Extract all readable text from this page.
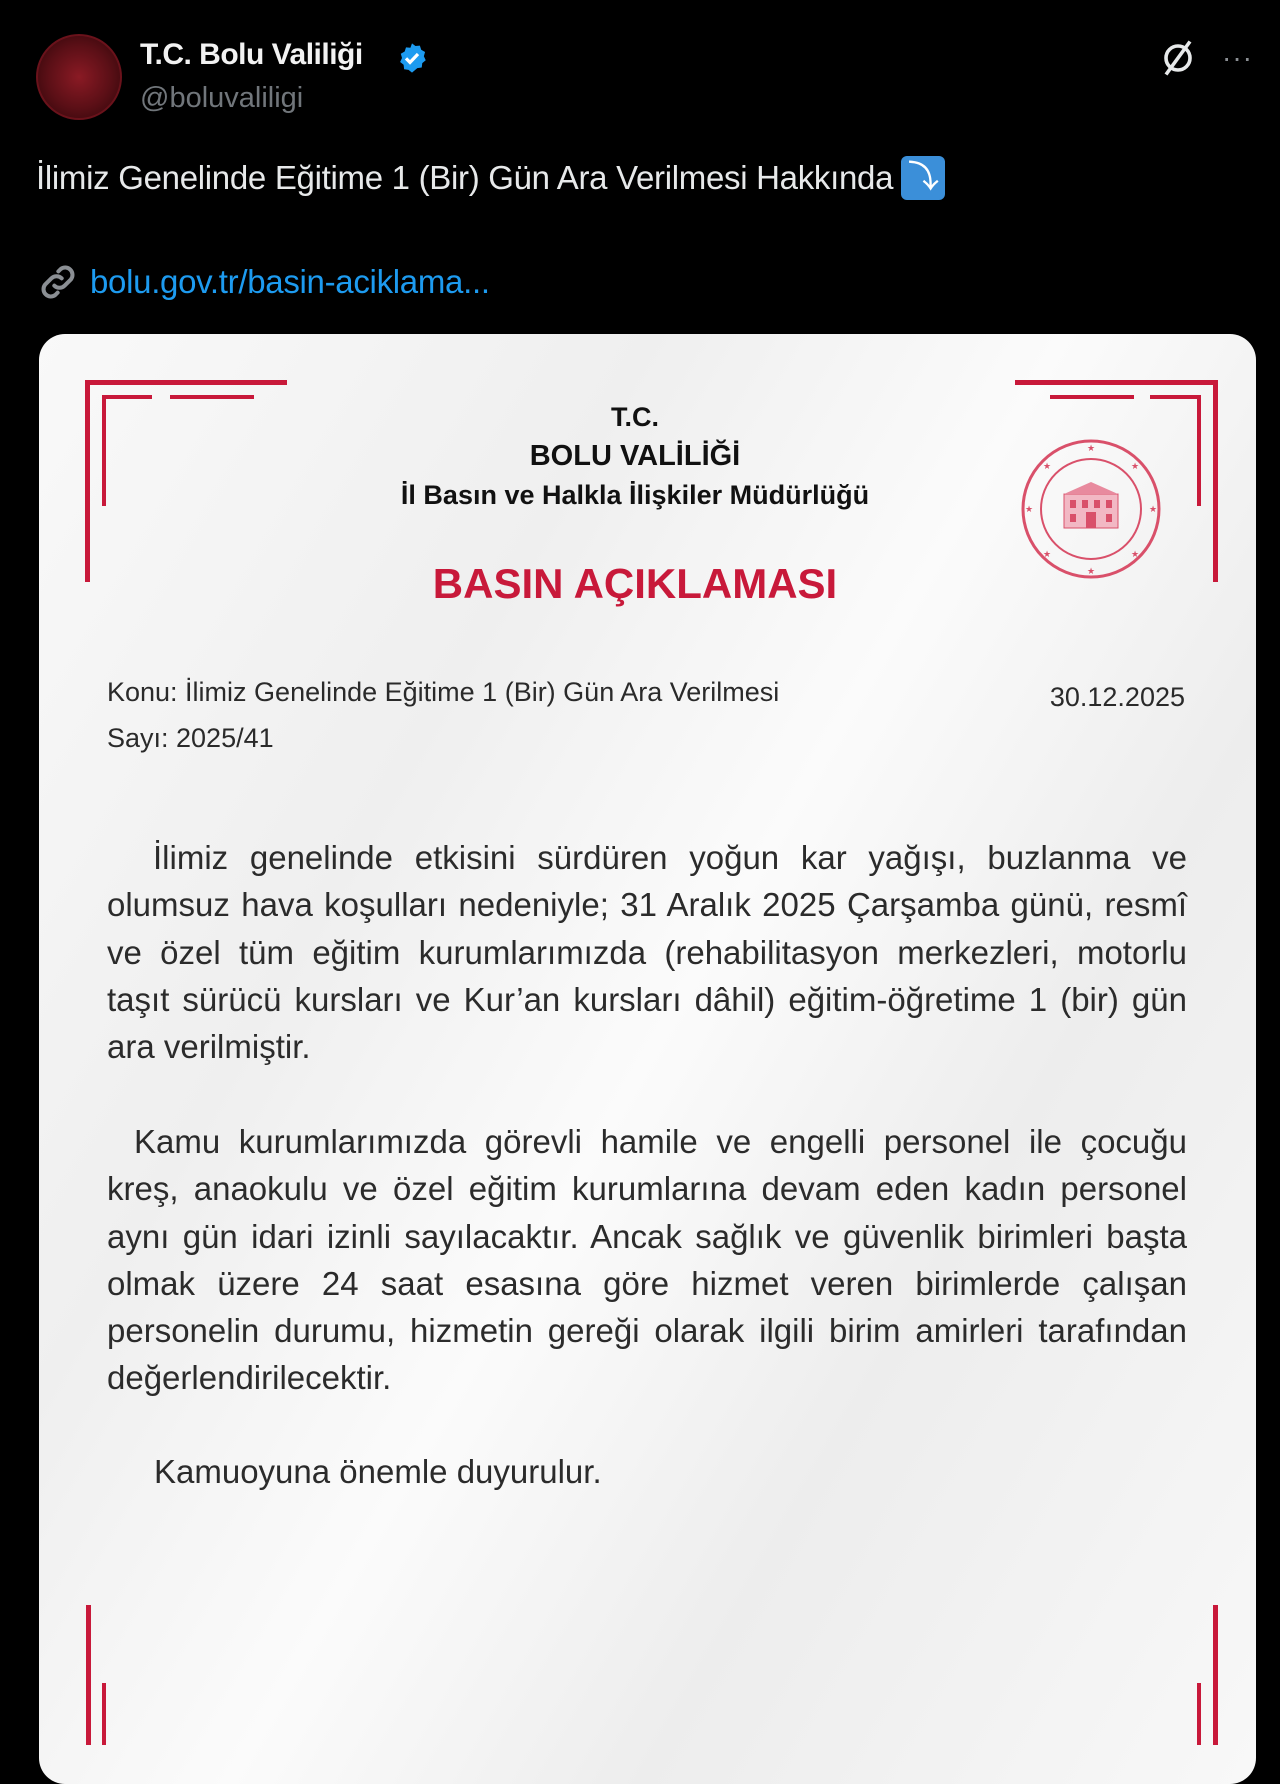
T.C. Bolu Valiliği
@boluvaliligi
···
İlimiz Genelinde Eğitime 1 (Bir) Gün Ara Verilmesi Hakkında ⤵
bolu.gov.tr/basin-aciklama...
T.C.
BOLU VALİLİĞİ
İl Basın ve Halkla İlişkiler Müdürlüğü
BASIN AÇIKLAMASI
★
★
★	★
★	★
★	★
Konu: İlimiz Genelinde Eğitime 1 (Bir) Gün Ara Verilmesi
Sayı: 2025/41
30.12.2025
İlimiz genelinde etkisini sürdüren yoğun kar yağışı, buzlanma ve olumsuz hava koşulları nedeniyle; 31 Aralık 2025 Çarşamba günü, resmî ve özel tüm eğitim kurumlarımızda (rehabilitasyon merkezleri, motorlu taşıt sürücü kursları ve Kur’an kursları dâhil) eğitim-öğretime 1 (bir) gün ara verilmiştir.
Kamu kurumlarımızda görevli hamile ve engelli personel ile çocuğu kreş, anaokulu ve özel eğitim kurumlarına devam eden kadın personel aynı gün idari izinli sayılacaktır. Ancak sağlık ve güvenlik birimleri başta olmak üzere 24 saat esasına göre hizmet veren birimlerde çalışan personelin durumu, hizmetin gereği olarak ilgili birim amirleri tarafından değerlendirilecektir.
Kamuoyuna önemle duyurulur.
